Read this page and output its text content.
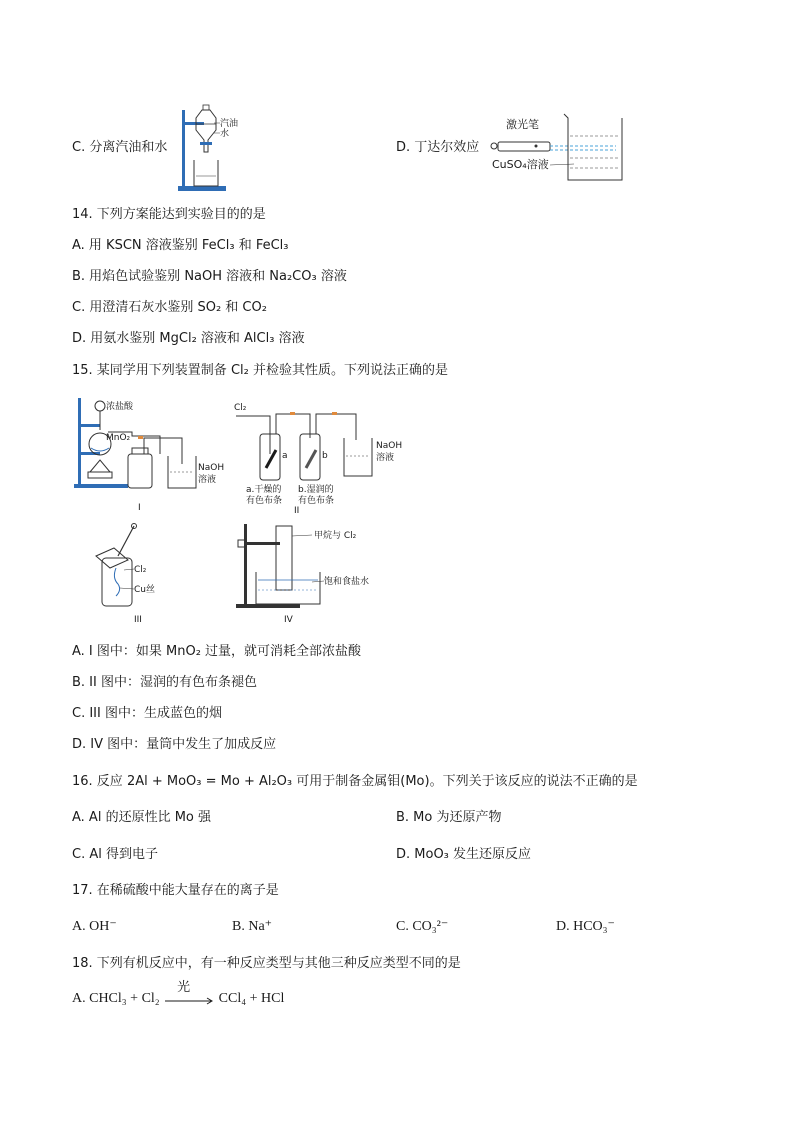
C. 分离汽油和水
汽油
水
D. 丁达尔效应
激光笔
CuSO₄溶液
14. 下列方案能达到实验目的的是
A. 用 KSCN 溶液鉴别 FeCl₃ 和 FeCl₃
B. 用焰色试验鉴别 NaOH 溶液和 Na₂CO₃ 溶液
C. 用澄清石灰水鉴别 SO₂ 和 CO₂
D. 用氨水鉴别 MgCl₂ 溶液和 AlCl₃ 溶液
15. 某同学用下列装置制备 Cl₂ 并检验其性质。下列说法正确的是
浓盐酸
MnO₂
NaOH
溶液
I
Cl₂
a	b
a.干燥的
有色布条
b.湿润的
有色布条
NaOH
溶液
II
Cl₂
Cu丝
III
甲烷与 Cl₂
饱和食盐水
IV
A. I 图中：如果 MnO₂ 过量，就可消耗全部浓盐酸
B. II 图中：湿润的有色布条褪色
C. III 图中：生成蓝色的烟
D. IV 图中：量筒中发生了加成反应
16. 反应 2Al + MoO₃ = Mo + Al₂O₃ 可用于制备金属钼(Mo)。下列关于该反应的说法不正确的是
A. Al 的还原性比 Mo 强	B. Mo 为还原产物
C. Al 得到电子	D. MoO₃ 发生还原反应
17. 在稀硫酸中能大量存在的离子是
A. OH⁻	B. Na⁺	C. CO₃²⁻	D. HCO₃⁻
18. 下列有机反应中，有一种反应类型与其他三种反应类型不同的是
A. CHCl₃ + Cl₂
光
CCl₄ + HCl
